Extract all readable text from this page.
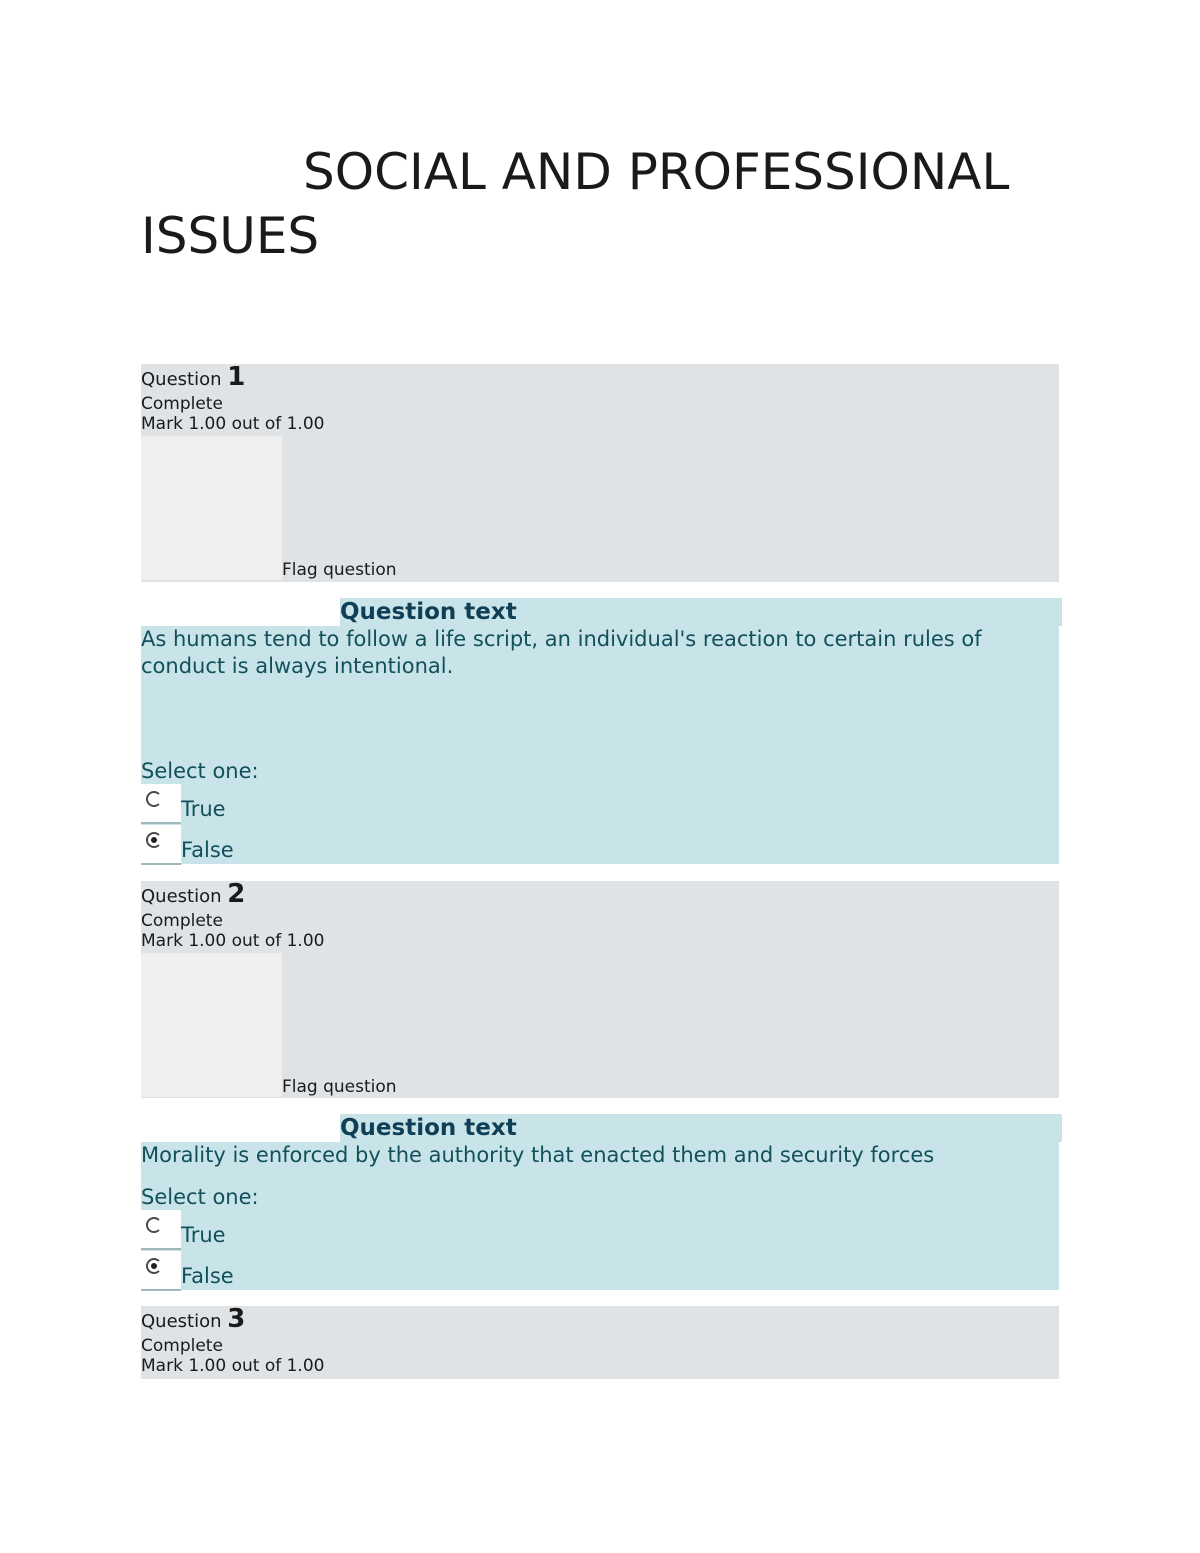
SOCIAL AND PROFESSIONAL ISSUES
Question 1
Complete
Mark 1.00 out of 1.00
Flag question
Question text
As humans tend to follow a life script, an individual's reaction to certain rules of conduct is always intentional.
Select one:
True
False
Question 2
Complete
Mark 1.00 out of 1.00
Flag question
Question text
Morality is enforced by the authority that enacted them and security forces
Select one:
True
False
Question 3
Complete
Mark 1.00 out of 1.00
